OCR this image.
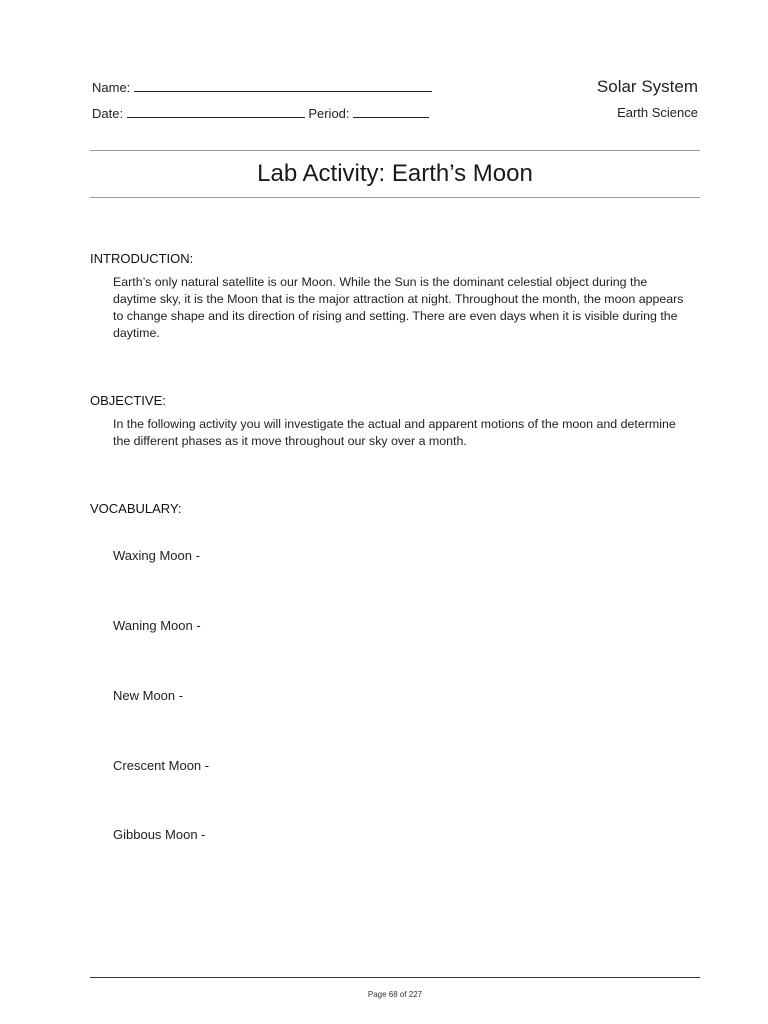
Name:
Date:	Period:
Solar System
Earth Science
Lab Activity: Earth’s Moon
INTRODUCTION:
Earth’s only natural satellite is our Moon. While the Sun is the dominant celestial object during the daytime sky, it is the Moon that is the major attraction at night. Throughout the month, the moon appears to change shape and its direction of rising and setting. There are even days when it is visible during the daytime.
OBJECTIVE:
In the following activity you will investigate the actual and apparent motions of the moon and determine the different phases as it move throughout our sky over a month.
VOCABULARY:
Waxing Moon -
Waning Moon -
New Moon -
Crescent Moon -
Gibbous Moon -
Page 68 of 227
